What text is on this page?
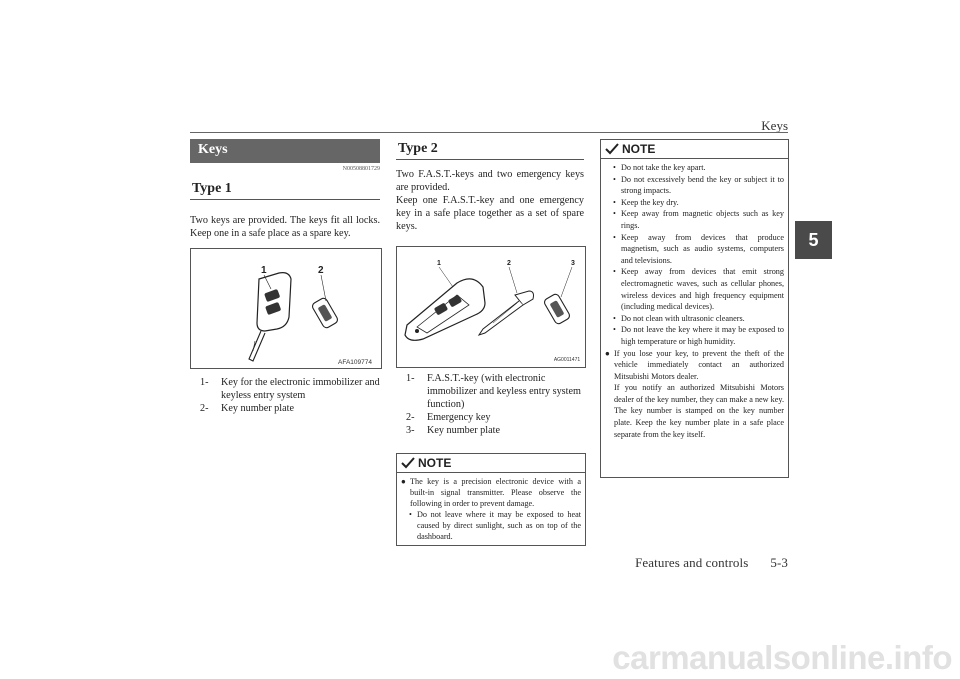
Keys
5
Keys
N00508801729
Type 1
Two keys are provided. The keys fit all locks. Keep one in a safe place as a spare key.
1	2
AFA109774
1- Key for the electronic immobilizer and keyless entry system
2- Key number plate
Type 2
Two F.A.S.T.-keys and two emergency keys are provided.
Keep one F.A.S.T.-key and one emergency key in a safe place together as a set of spare keys.
1	2	3
AG0011471
1- F.A.S.T.-key (with electronic immobilizer and keyless entry system function)
2- Emergency key
3- Key number plate
NOTE
● The key is a precision electronic device with a built-in signal transmitter. Please observe the following in order to prevent damage.
• Do not leave where it may be exposed to heat caused by direct sunlight, such as on top of the dashboard.
NOTE
• Do not take the key apart.
• Do not excessively bend the key or subject it to strong impacts.
• Keep the key dry.
• Keep away from magnetic objects such as key rings.
• Keep away from devices that produce magnetism, such as audio systems, computers and televisions.
• Keep away from devices that emit strong electromagnetic waves, such as cellular phones, wireless devices and high frequency equipment (including medical devices).
• Do not clean with ultrasonic cleaners.
• Do not leave the key where it may be exposed to high temperature or high humidity.
● If you lose your key, to prevent the theft of the vehicle immediately contact an authorized Mitsubishi Motors dealer.
If you notify an authorized Mitsubishi Motors dealer of the key number, they can make a new key. The key number is stamped on the key number plate. Keep the key number plate in a safe place separate from the key itself.
Features and controls 5-3
carmanualsonline.info
